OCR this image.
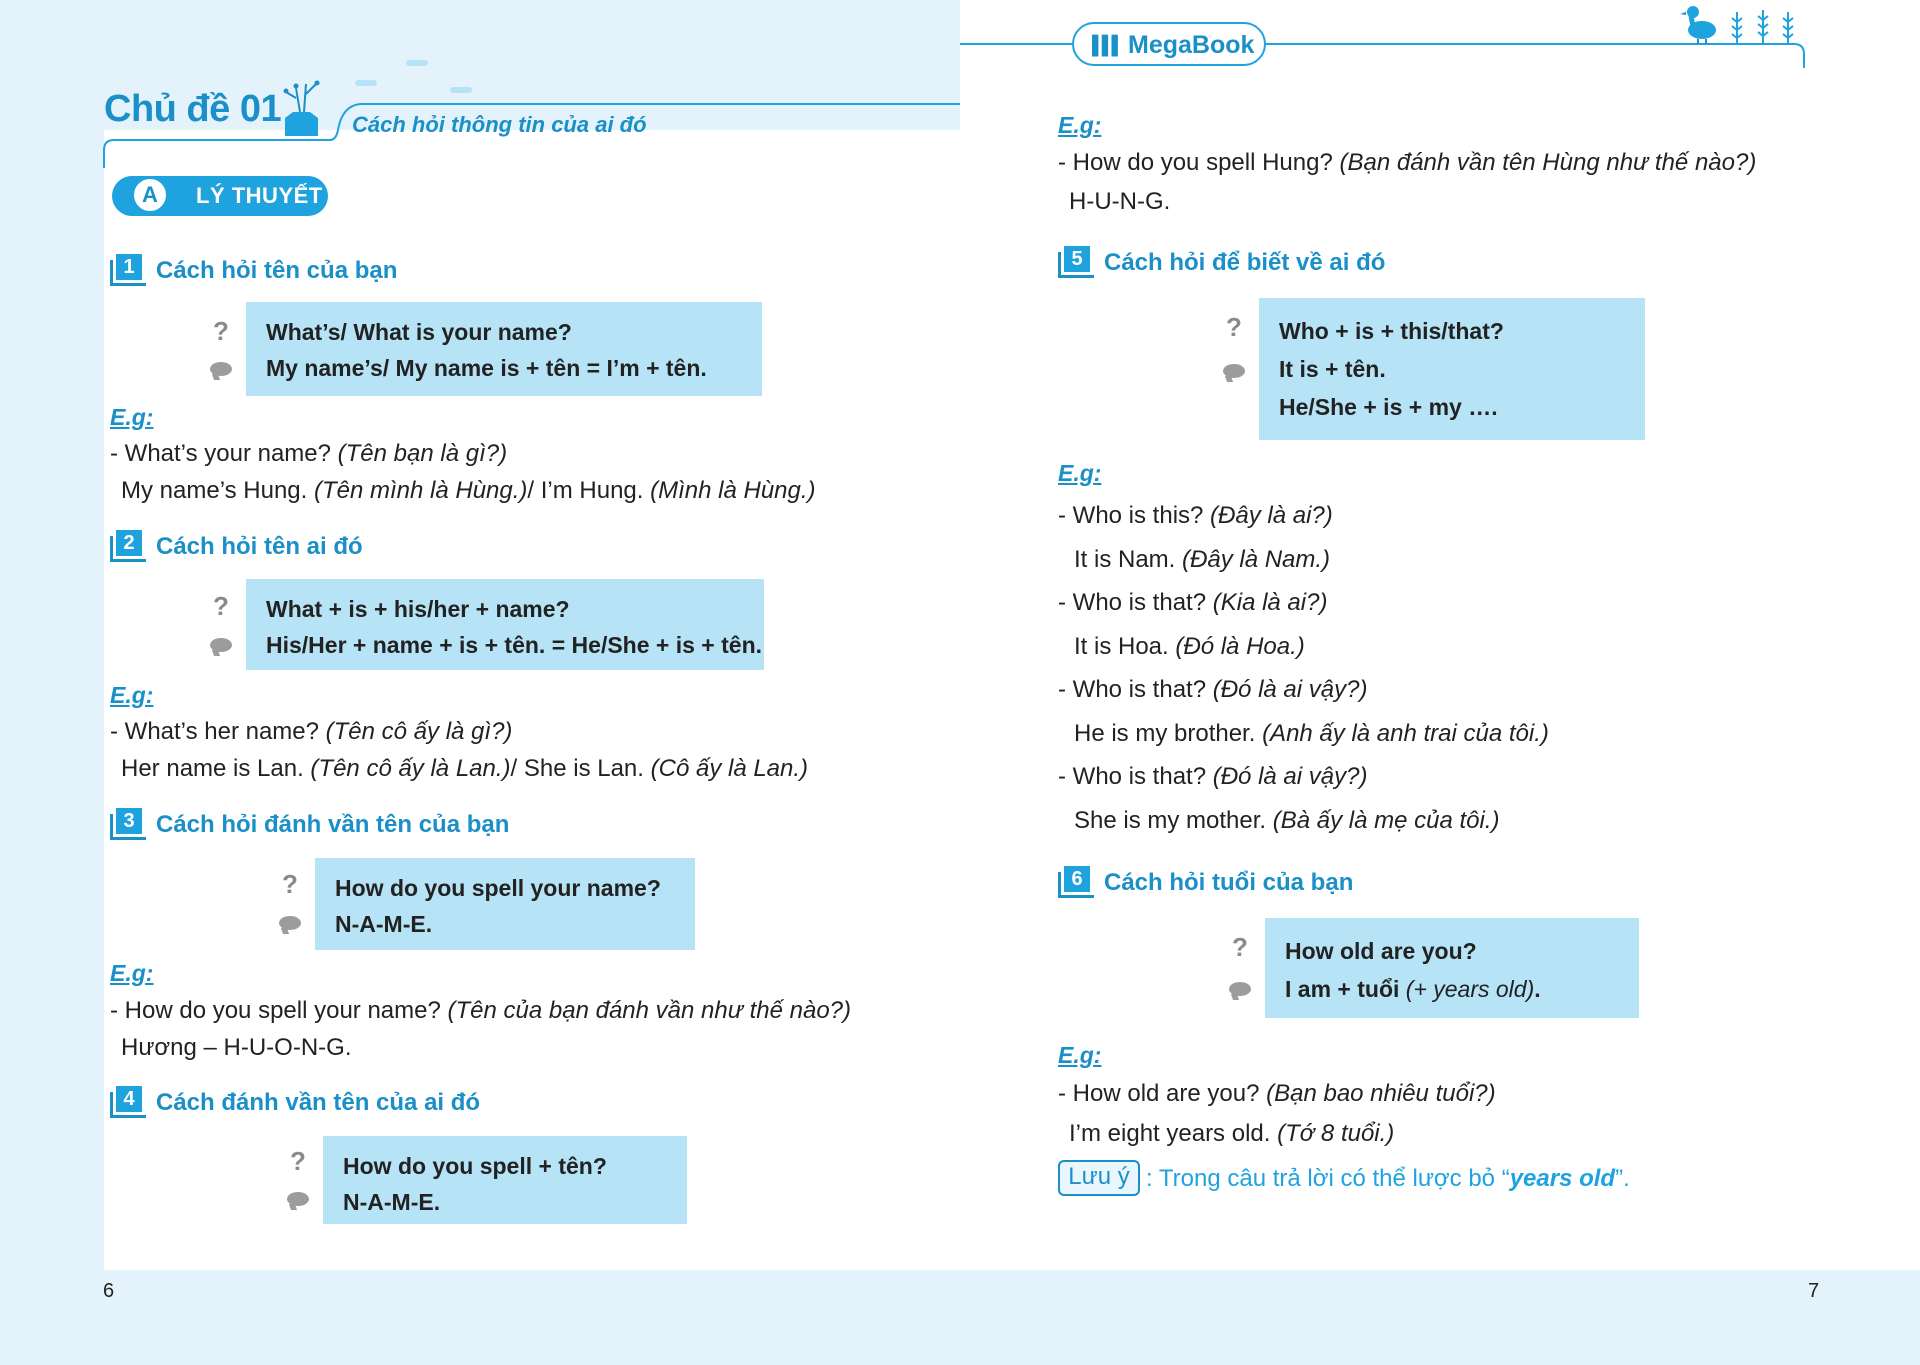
▌▌▌ MegaBook
Chủ đề 01	Cách hỏi thông tin của ai đó
A	LÝ THUYẾT
1 Cách hỏi tên của bạn
? What’s/ What is your name?
My name’s/ My name is + tên = I’m + tên.
E.g:
- What’s your name? (Tên bạn là gì?)
My name’s Hung. (Tên mình là Hùng.)/ I’m Hung. (Mình là Hùng.)
2 Cách hỏi tên ai đó
? What + is + his/her + name?
His/Her + name + is + tên. = He/She + is + tên.
E.g:
- What’s her name? (Tên cô ấy là gì?)
Her name is Lan. (Tên cô ấy là Lan.)/ She is Lan. (Cô ấy là Lan.)
3 Cách hỏi đánh vần tên của bạn
? How do you spell your name?
N-A-M-E.
E.g:
- How do you spell your name? (Tên của bạn đánh vần như thế nào?)
Hương – H-U-O-N-G.
4 Cách đánh vần tên của ai đó
? How do you spell + tên?
N-A-M-E.
6
E.g:
- How do you spell Hung? (Bạn đánh vần tên Hùng như thế nào?)
H-U-N-G.
5 Cách hỏi để biết về ai đó
? Who + is + this/that?
It is + tên.
He/She + is + my ….
E.g:
- Who is this? (Đây là ai?)
It is Nam. (Đây là Nam.)
- Who is that? (Kia là ai?)
It is Hoa. (Đó là Hoa.)
- Who is that? (Đó là ai vậy?)
He is my brother. (Anh ấy là anh trai của tôi.)
- Who is that? (Đó là ai vậy?)
She is my mother. (Bà ấy là mẹ của tôi.)
6 Cách hỏi tuổi của bạn
? How old are you?
I am + tuổi (+ years old).
E.g:
- How old are you? (Bạn bao nhiêu tuổi?)
I’m eight years old. (Tớ 8 tuổi.)
Lưu ý : Trong câu trả lời có thể lược bỏ “years old”.
7
